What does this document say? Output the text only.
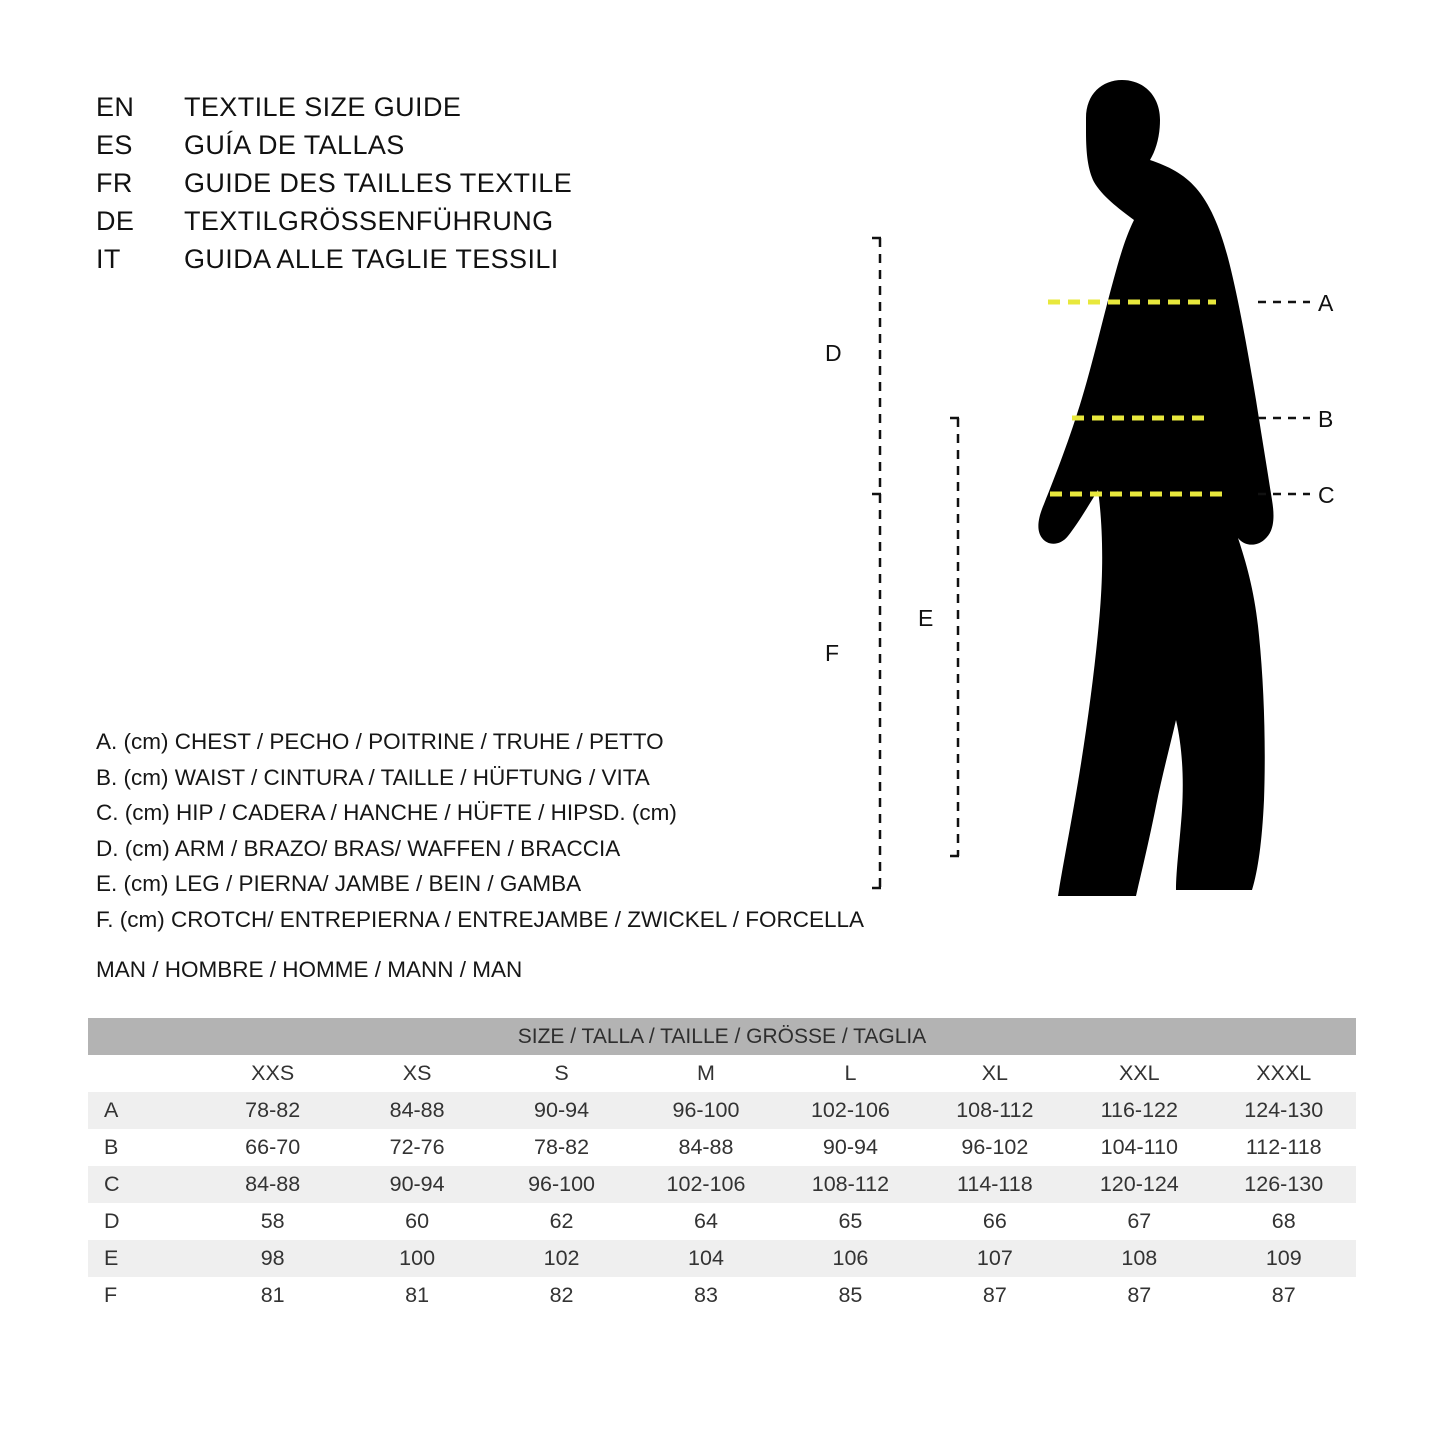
EN	TEXTILE SIZE GUIDE
ES	GUÍA DE TALLAS
FR	GUIDE DES TAILLES TEXTILE
DE	TEXTILGRÖSSENFÜHRUNG
IT	GUIDA ALLE TAGLIE TESSILI
A. (cm) CHEST / PECHO / POITRINE / TRUHE / PETTO
B. (cm) WAIST / CINTURA / TAILLE / HÜFTUNG / VITA
C. (cm) HIP / CADERA / HANCHE / HÜFTE / HIPSD. (cm)
D. (cm) ARM / BRAZO/ BRAS/ WAFFEN / BRACCIA
E. (cm) LEG / PIERNA/ JAMBE / BEIN / GAMBA
F. (cm) CROTCH/ ENTREPIERNA / ENTREJAMBE / ZWICKEL / FORCELLA
MAN / HOMBRE / HOMME / MANN / MAN
A
B
C
D
E
F
SIZE / TALLA / TAILLE / GRÖSSE / TAGLIA								
	XXS	XS	S	M	L	XL	XXL	XXXL
A	78-82	84-88	90-94	96-100	102-106	108-112	116-122	124-130
B	66-70	72-76	78-82	84-88	90-94	96-102	104-110	112-118
C	84-88	90-94	96-100	102-106	108-112	114-118	120-124	126-130
D	58	60	62	64	65	66	67	68
E	98	100	102	104	106	107	108	109
F	81	81	82	83	85	87	87	87
